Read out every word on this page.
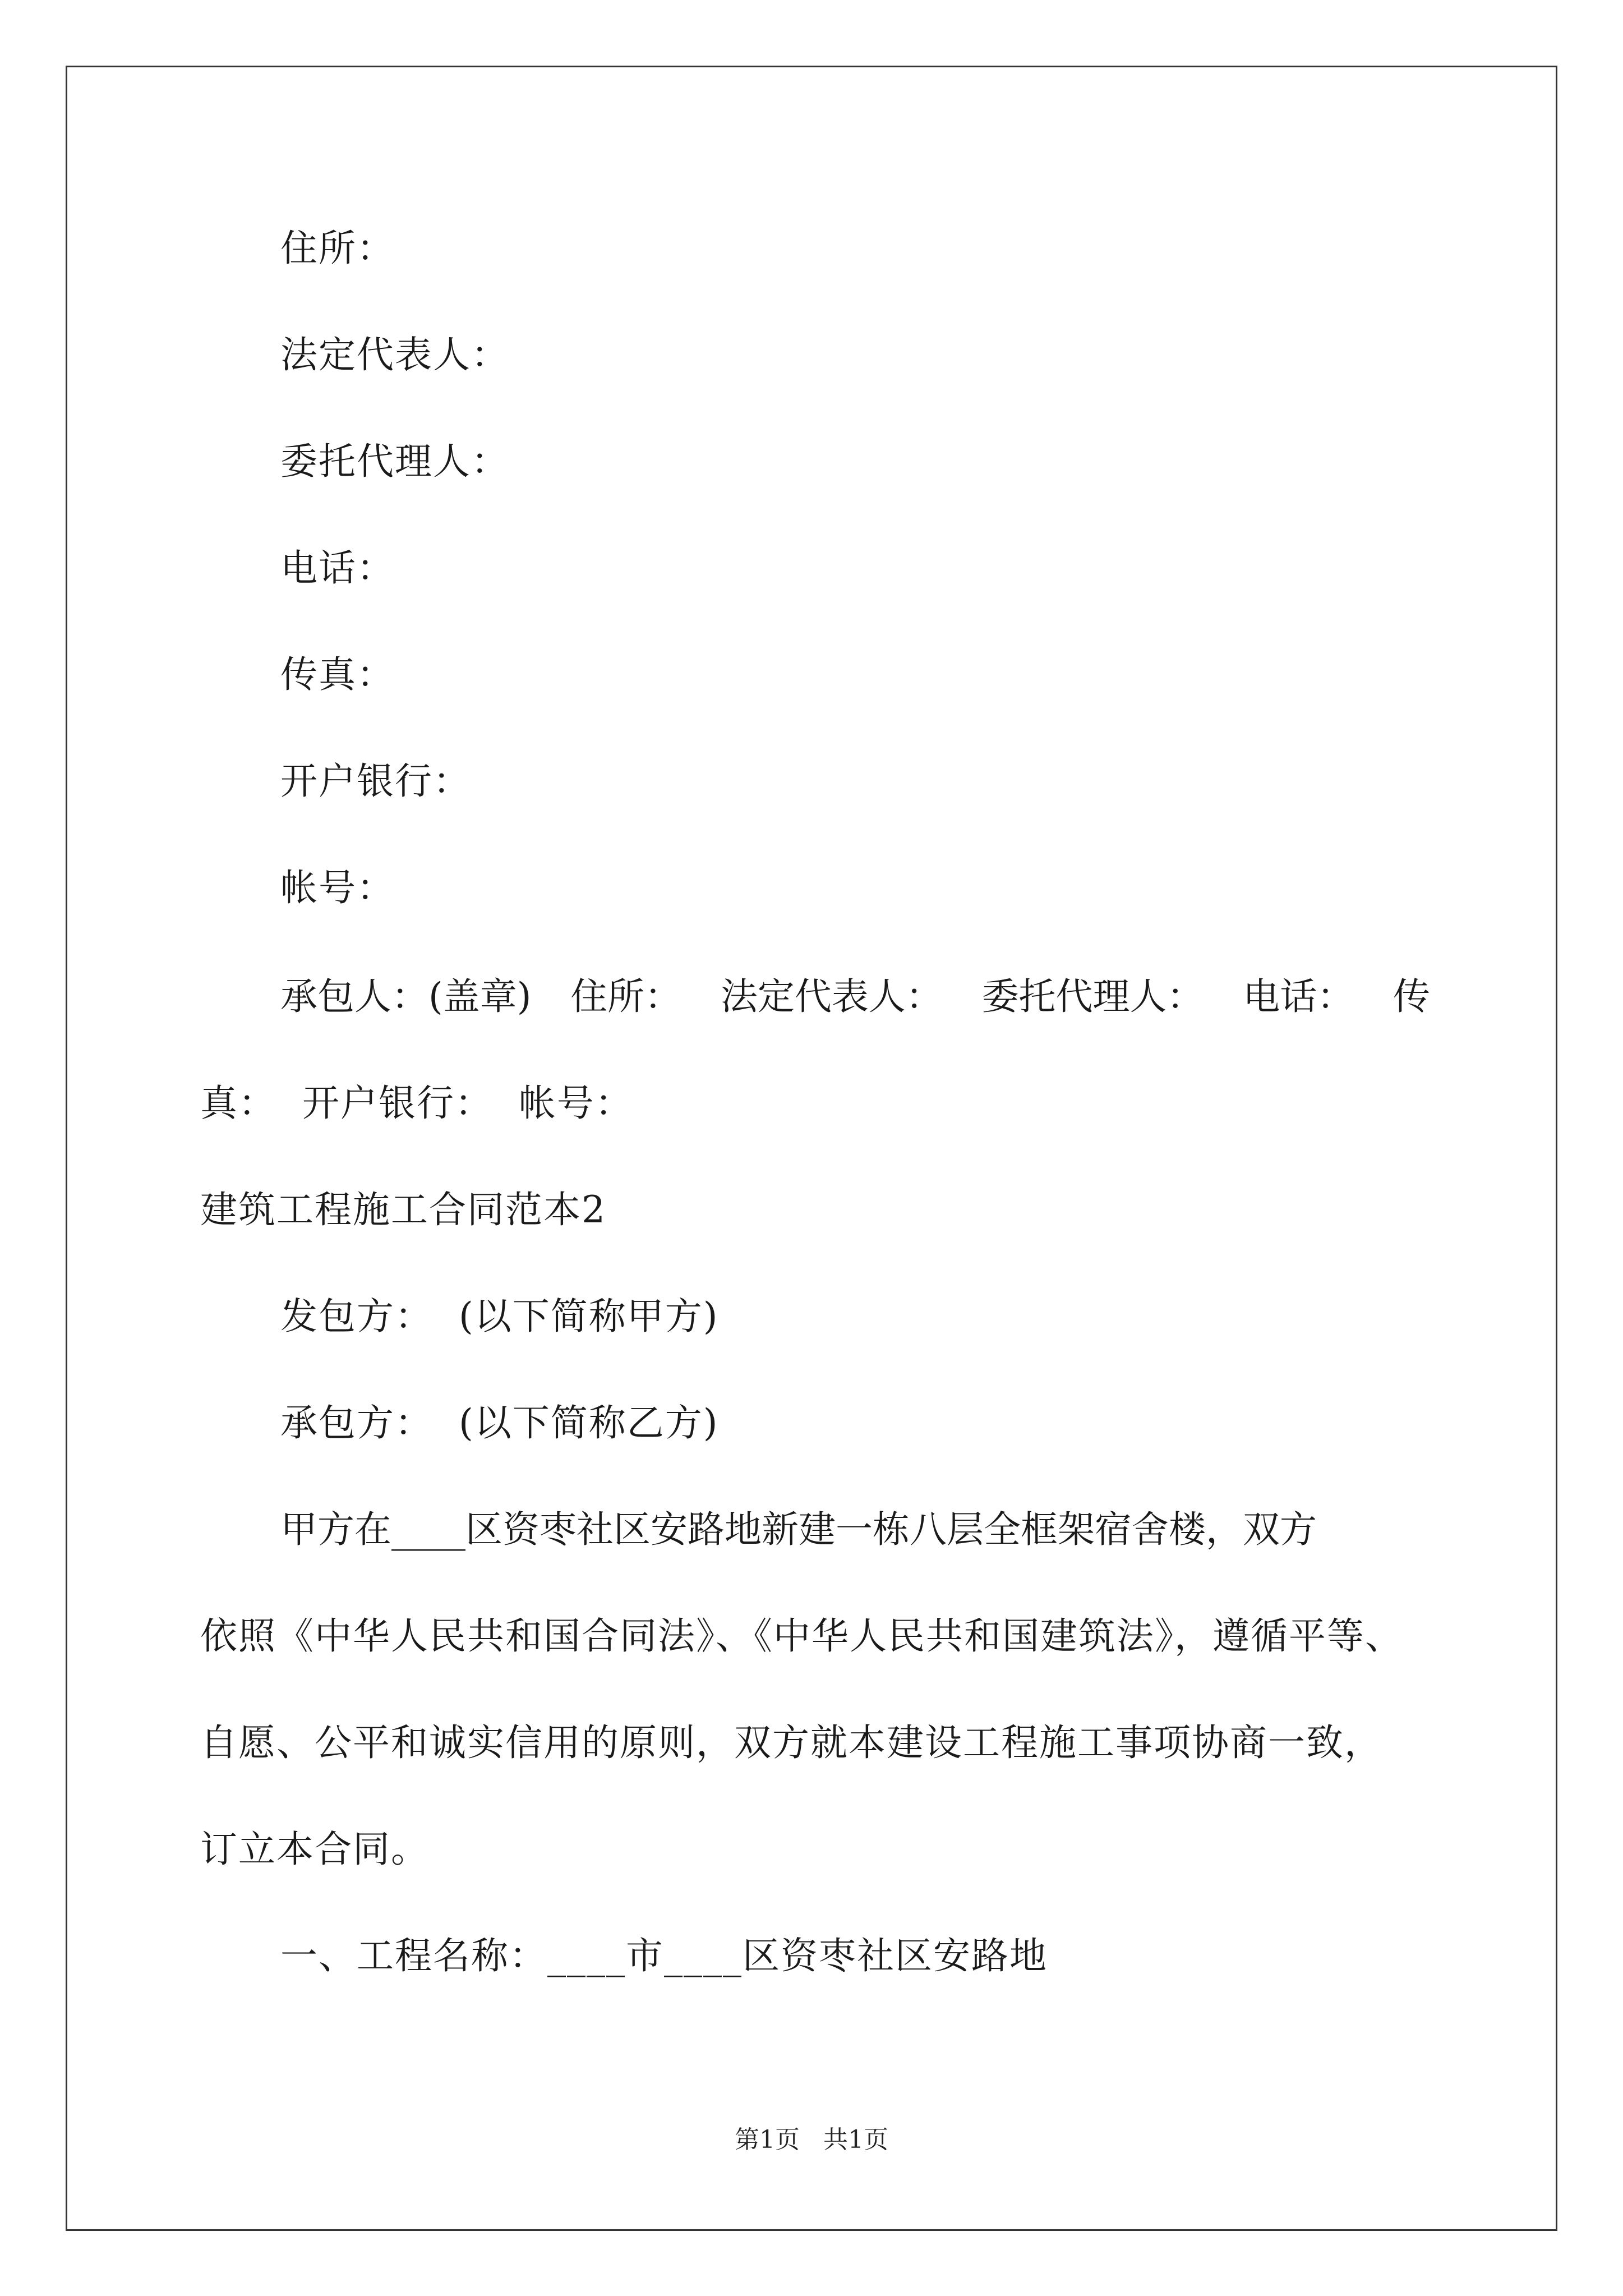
住所：
法定代表人：
委托代理人：
电话：
传真：
开户银行：
帐号：
承包人：(盖章) 住所： 法定代表人： 委托代理人： 电话： 传
真：  开户银行：  帐号：
建筑工程施工合同范本2
发包方：  (以下简称甲方)
承包方：  (以下简称乙方)
甲方在____区资枣社区安路地新建一栋八层全框架宿舍楼，双方
依照《中华人民共和国合同法》、《中华人民共和国建筑法》，遵循平等、
自愿、公平和诚实信用的原则，双方就本建设工程施工事项协商一致，
订立本合同。
一、工程名称：____市____区资枣社区安路地
第1页 共1页
